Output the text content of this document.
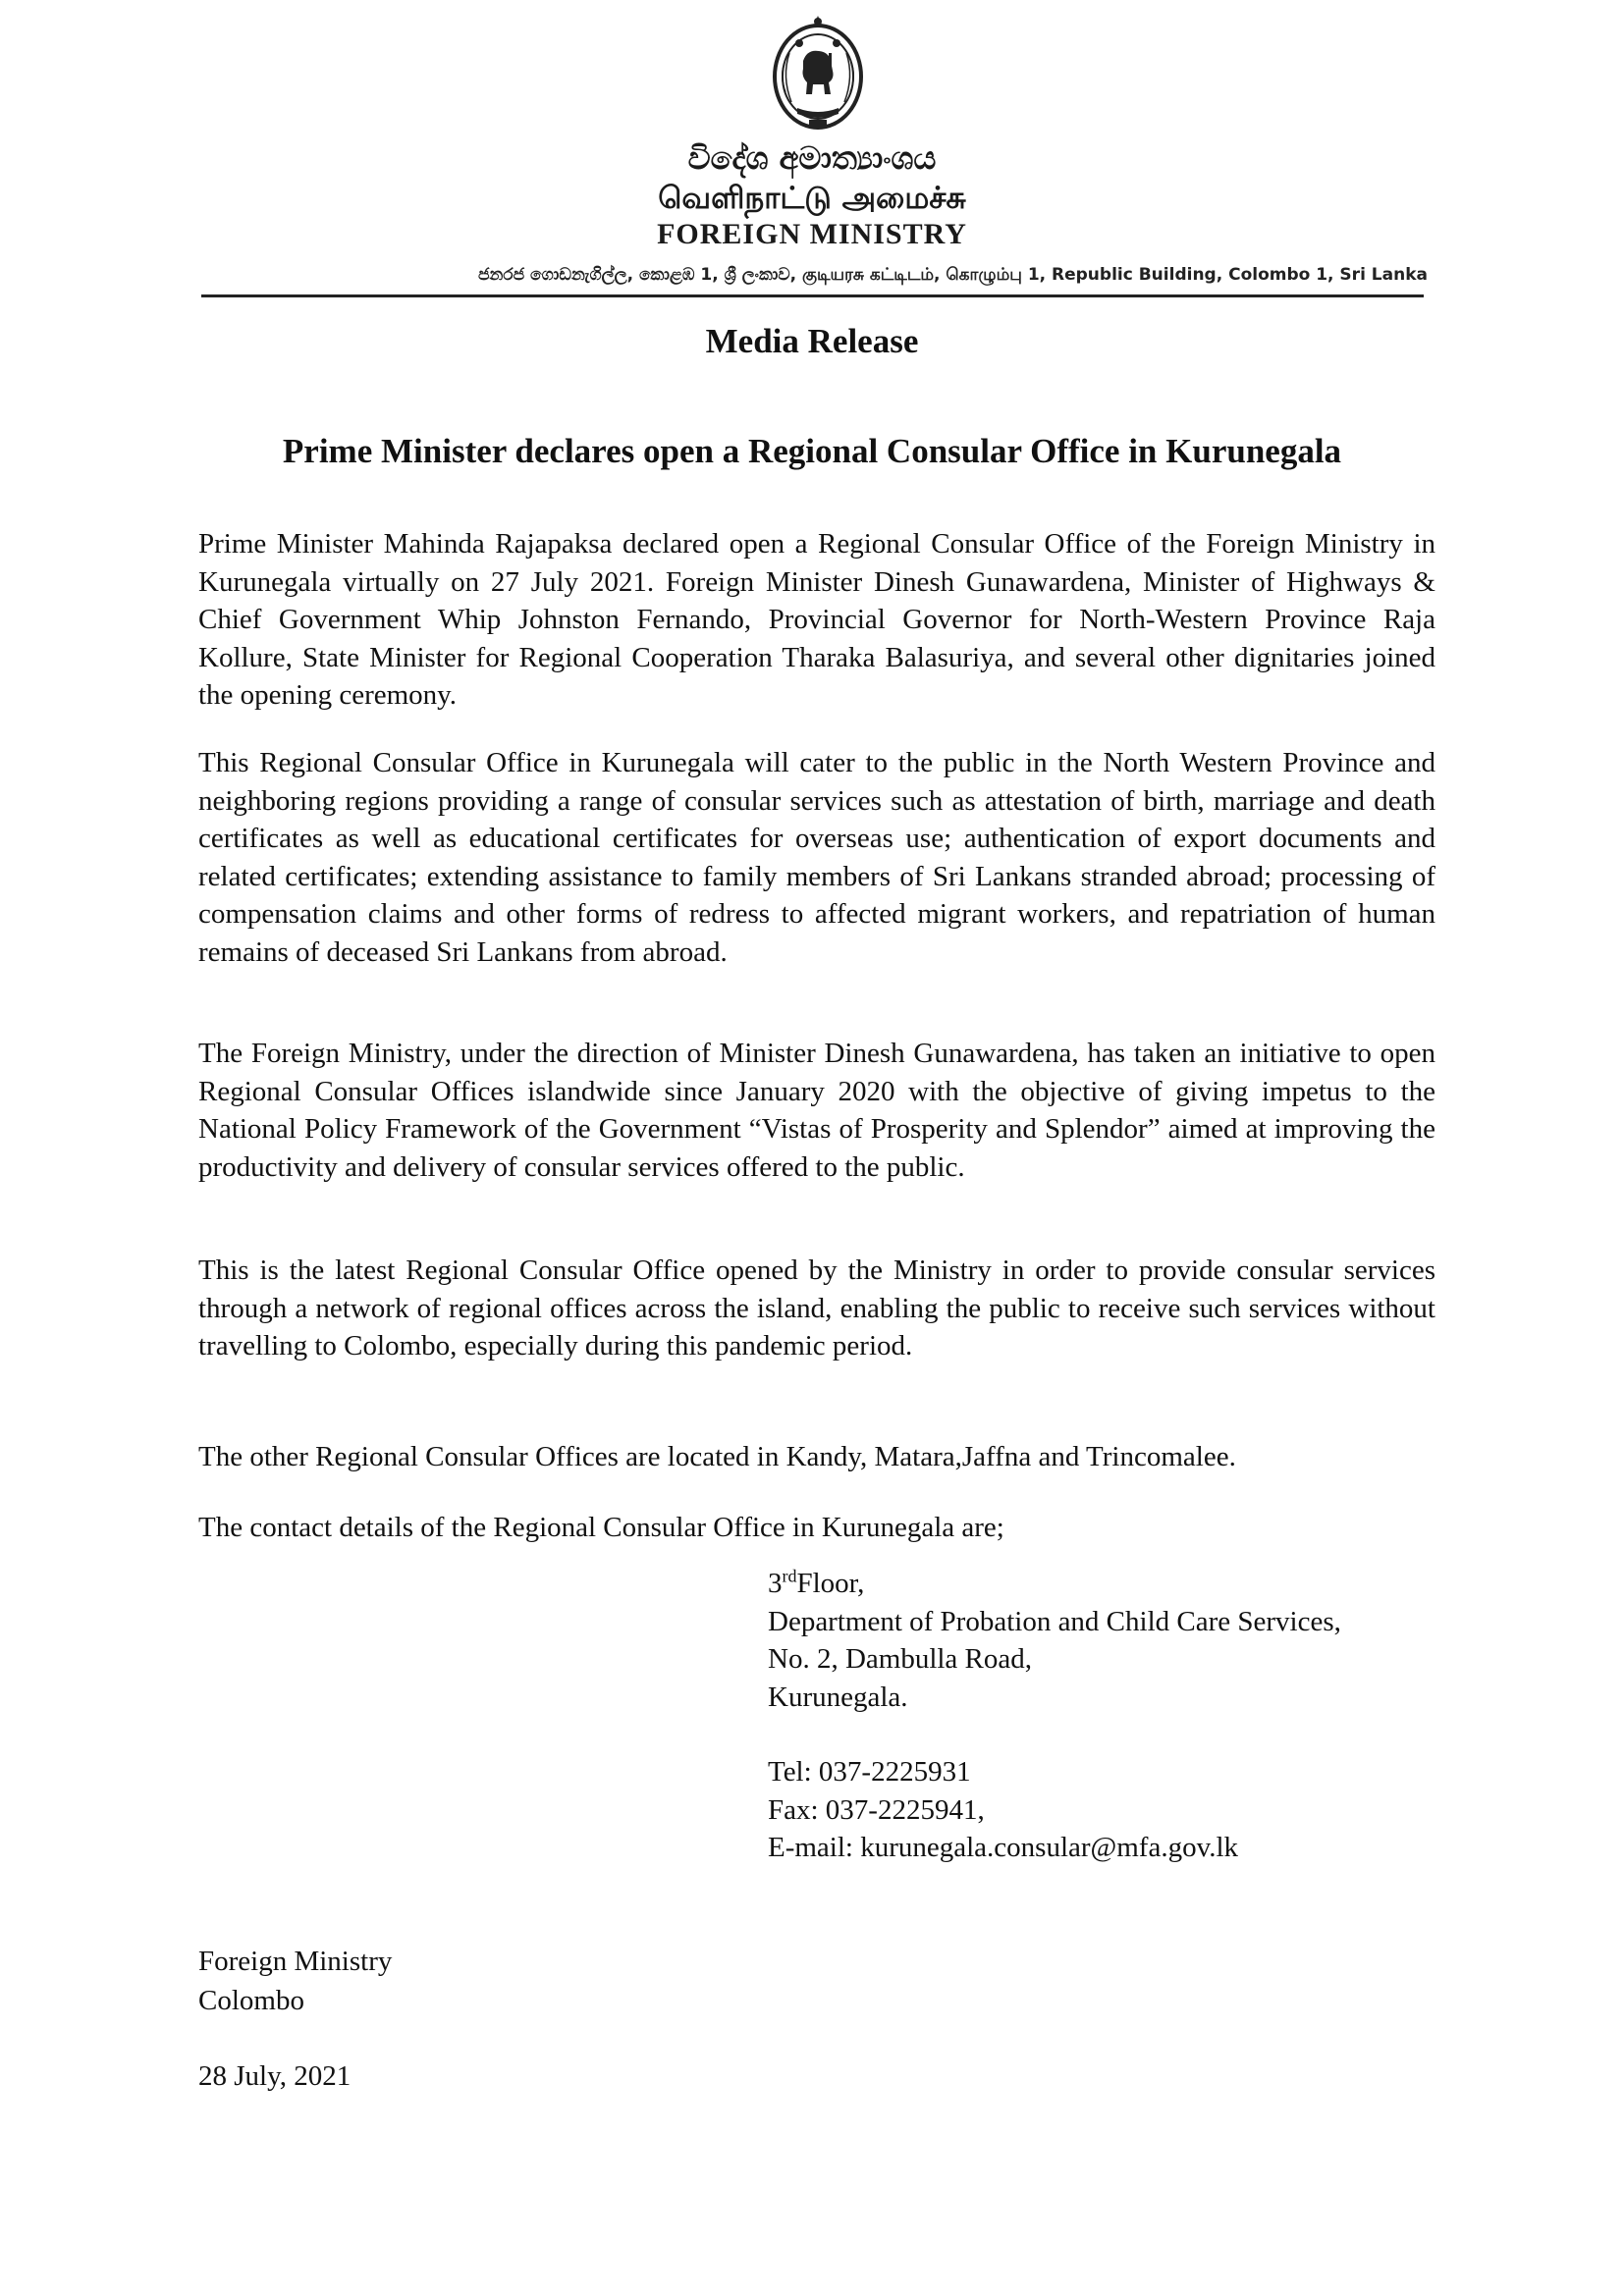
විදේශ අමාත්‍යාංශය
வெளிநாட்டு அமைச்சு
FOREIGN MINISTRY
ජනරජ ගොඩනැගිල්ල, කොළඹ 1, ශ්‍රී ලංකාව, குடியரசு கட்டிடம், கொழும்பு 1, Republic Building, Colombo 1, Sri Lanka
Media Release
Prime Minister declares open a Regional Consular Office in Kurunegala

Prime Minister Mahinda Rajapaksa declared open a Regional Consular Office of the Foreign Ministry in Kurunegala virtually on 27 July 2021. Foreign Minister Dinesh Gunawardena, Minister of Highways & Chief Government Whip Johnston Fernando, Provincial Governor for North-Western Province Raja Kollure, State Minister for Regional Cooperation Tharaka Balasuriya, and several other dignitaries joined the opening ceremony.

This Regional Consular Office in Kurunegala will cater to the public in the North Western Province and neighboring regions providing a range of consular services such as attestation of birth, marriage and death certificates as well as educational certificates for overseas use; authentication of export documents and related certificates; extending assistance to family members of Sri Lankans stranded abroad; processing of compensation claims and other forms of redress to affected migrant workers, and repatriation of human remains of deceased Sri Lankans from abroad.

The Foreign Ministry, under the direction of Minister Dinesh Gunawardena, has taken an initiative to open Regional Consular Offices islandwide since January 2020 with the objective of giving impetus to the National Policy Framework of the Government “Vistas of Prosperity and Splendor” aimed at improving the productivity and delivery of consular services offered to the public.

This is the latest Regional Consular Office opened by the Ministry in order to provide consular services through a network of regional offices across the island, enabling the public to receive such services without travelling to Colombo, especially during this pandemic period.

The other Regional Consular Offices are located in Kandy, Matara,Jaffna and Trincomalee.

The contact details of the Regional Consular Office in Kurunegala are;

3rdFloor,
Department of Probation and Child Care Services,
No. 2, Dambulla Road,
Kurunegala.
Tel: 037-2225931
Fax: 037-2225941,
E-mail: kurunegala.consular@mfa.gov.lk
Foreign Ministry
Colombo
28 July, 2021
